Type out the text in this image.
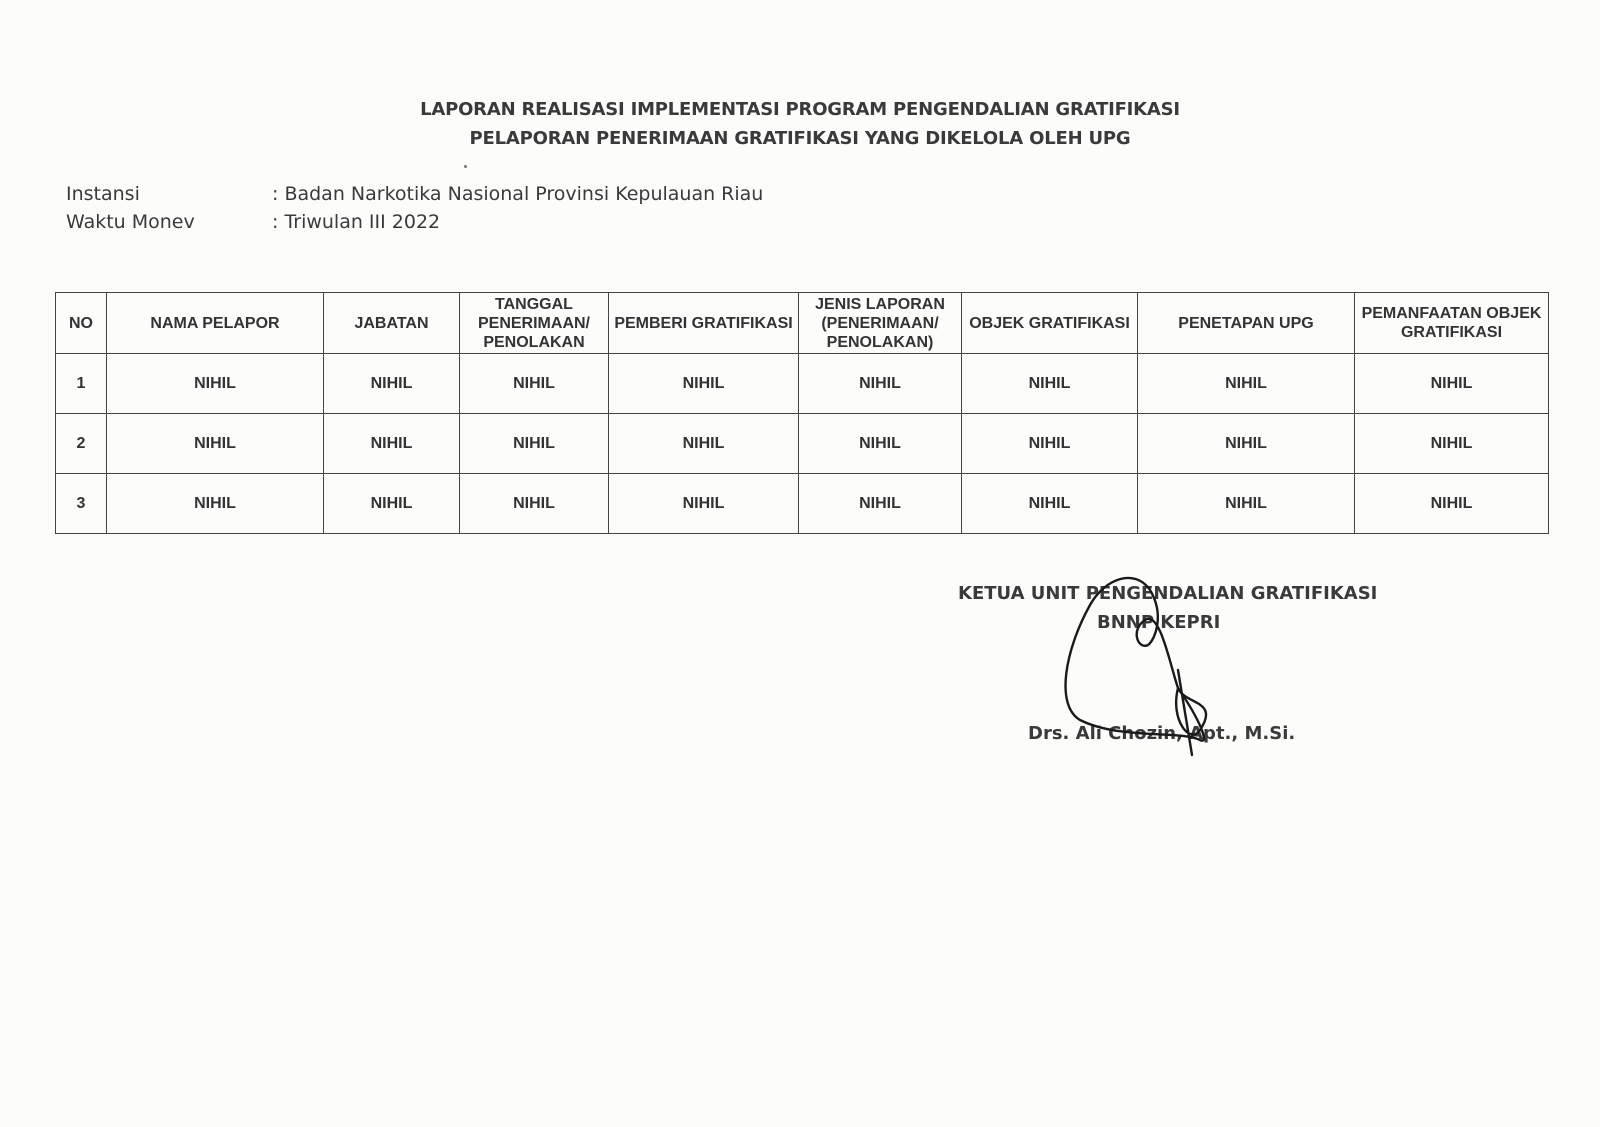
LAPORAN REALISASI IMPLEMENTASI PROGRAM PENGENDALIAN GRATIFIKASI
PELAPORAN PENERIMAAN GRATIFIKASI YANG DIKELOLA OLEH UPG
Instansi	: Badan Narkotika Nasional Provinsi Kepulauan Riau
Waktu Monev	: Triwulan III 2022
NO	NAMA PELAPOR	JABATAN	TANGGAL PENERIMAAN/ PENOLAKAN	PEMBERI GRATIFIKASI	JENIS LAPORAN (PENERIMAAN/ PENOLAKAN)	OBJEK GRATIFIKASI	PENETAPAN UPG	PEMANFAATAN OBJEK GRATIFIKASI
1	NIHIL	NIHIL	NIHIL	NIHIL	NIHIL	NIHIL	NIHIL	NIHIL
2	NIHIL	NIHIL	NIHIL	NIHIL	NIHIL	NIHIL	NIHIL	NIHIL
3	NIHIL	NIHIL	NIHIL	NIHIL	NIHIL	NIHIL	NIHIL	NIHIL
KETUA UNIT PENGENDALIAN GRATIFIKASI
BNNP KEPRI
Drs. Ali Chozin, Apt., M.Si.
